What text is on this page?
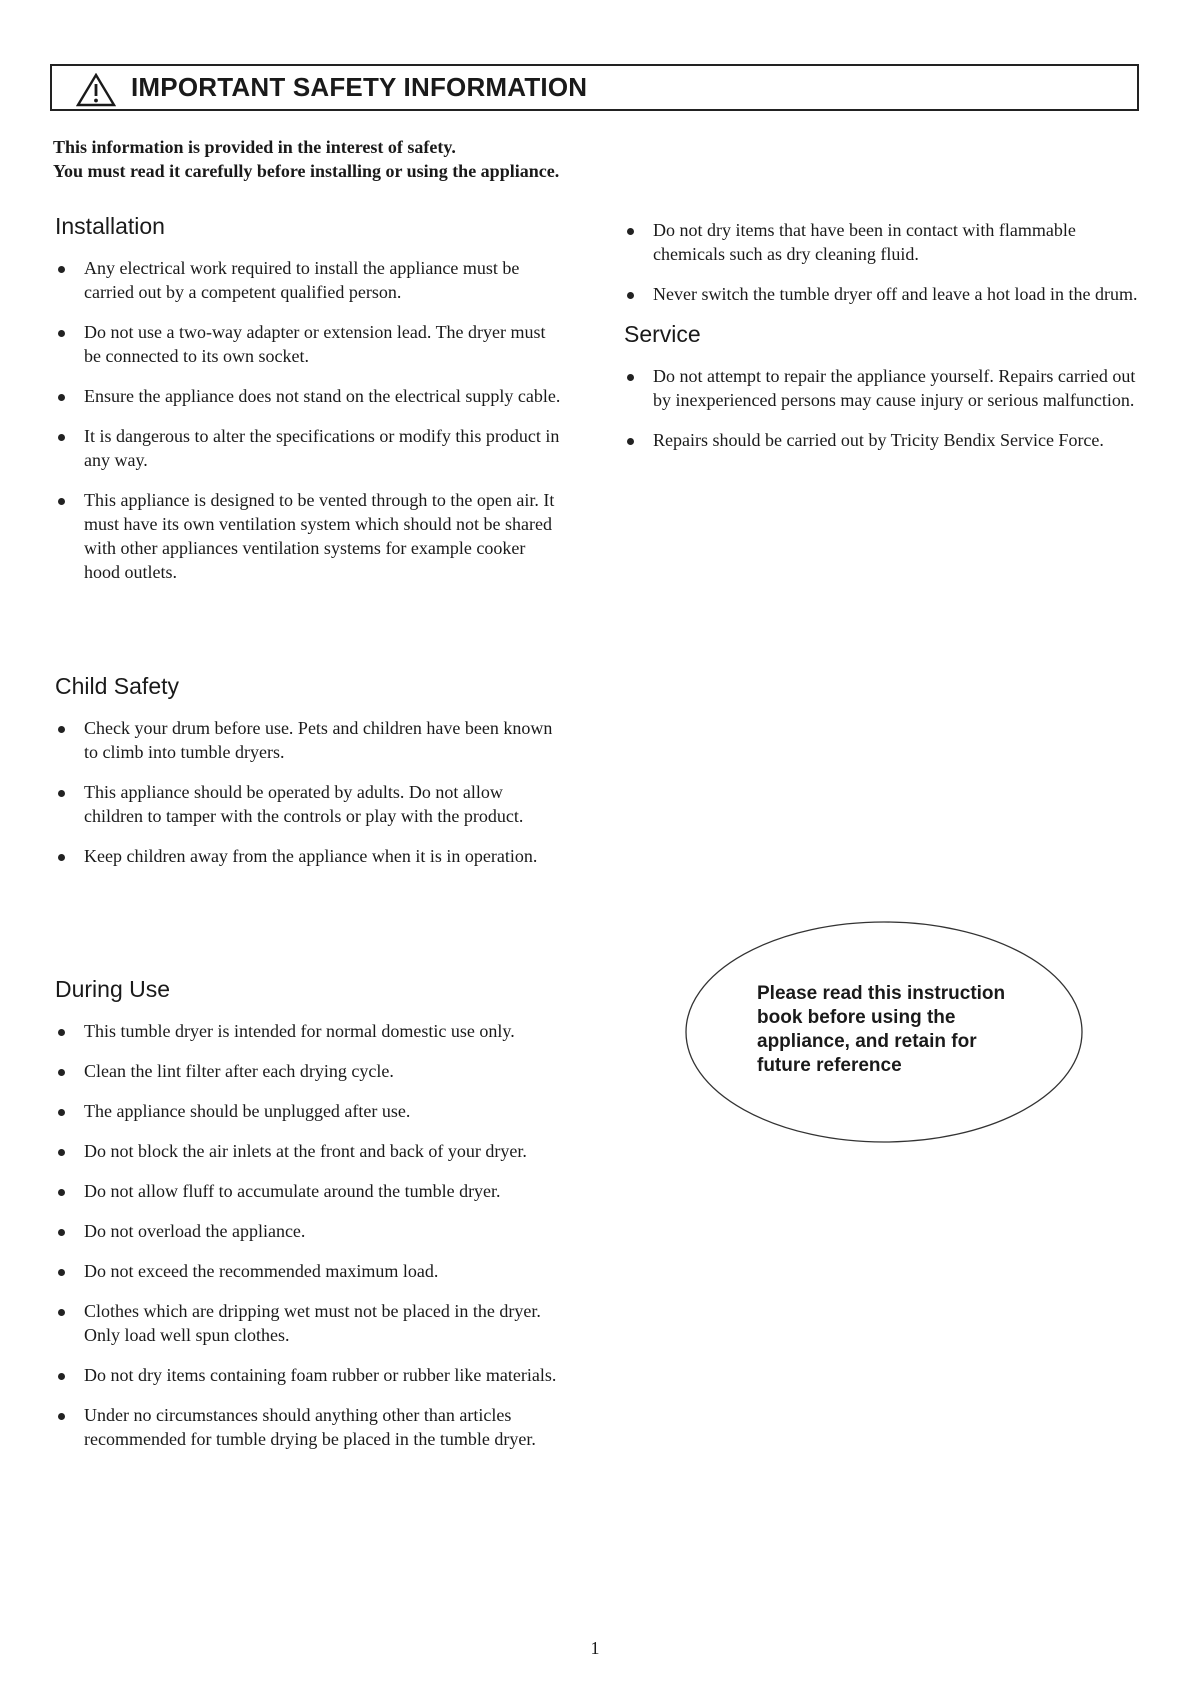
IMPORTANT SAFETY INFORMATION
This information is provided in the interest of safety.
You must read it carefully before installing or using the appliance.
Installation
Any electrical work required to install the appliance must be carried out by a competent qualified person.
Do not use a two-way adapter or extension lead. The dryer must be connected to its own socket.
Ensure the appliance does not stand on the electrical supply cable.
It is dangerous to alter the specifications or modify this product in any way.
This appliance is designed to be vented through to the open air. It must have its own ventilation system which should not be shared with other appliances ventilation systems for example cooker hood outlets.
Child Safety
Check your drum before use. Pets and children have been known to climb into tumble dryers.
This appliance should be operated by adults. Do not allow children to tamper with the controls or play with the product.
Keep children away from the appliance when it is in operation.
During Use
This tumble dryer is intended for normal domestic use only.
Clean the lint filter after each drying cycle.
The appliance should be unplugged after use.
Do not block the air inlets at the front and back of your dryer.
Do not allow fluff to accumulate around the tumble dryer.
Do not overload the appliance.
Do not exceed the recommended maximum load.
Clothes which are dripping wet must not be placed in the dryer. Only load well spun clothes.
Do not dry items containing foam rubber or rubber like materials.
Under no circumstances should anything other than articles recommended for tumble drying be placed in the tumble dryer.
Do not dry items that have been in contact with flammable chemicals such as dry cleaning fluid.
Never switch the tumble dryer off and leave a hot load in the drum.
Service
Do not attempt to repair the appliance yourself. Repairs carried out by inexperienced persons may cause injury or serious malfunction.
Repairs should be carried out by Tricity Bendix Service Force.
Please read this instruction
book before using the
appliance, and retain for
future reference
1
